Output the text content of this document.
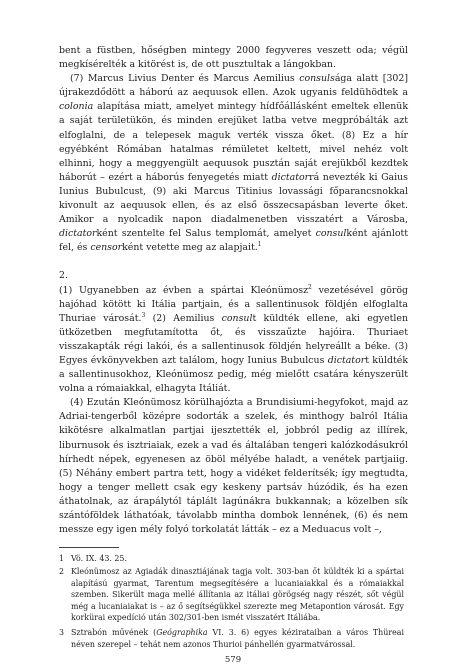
bent a füstben, hőségben mintegy 2000 fegyveres veszett oda; végül megkísérelték a kitörést is, de ott pusztultak a lángokban.

(7) Marcus Livius Denter és Marcus Aemilius consulsága alatt [302] újrakezdődött a háború az aequusok ellen. Azok ugyanis feldühödtek a colonia alapítása miatt, amelyet mintegy hídfőállásként emeltek ellenük a saját területükön, és minden erejüket latba vetve megpróbálták azt elfoglalni, de a telepesek maguk verték vissza őket. (8) Ez a hír egyébként Rómában hatalmas rémületet keltett, mivel nehéz volt elhinni, hogy a meggyengült aequusok pusztán saját erejükből kezdtek háborút – ezért a háborús fenyegetés miatt dictatorrá nevezték ki Gaius Iunius Bubulcust, (9) aki Marcus Titinius lovassági főparancsnokkal kivonult az aequusok ellen, és az első összecsapásban leverte őket. Amikor a nyolcadik napon diadalmenetben visszatért a Városba, dictatorként szentelte fel Salus templomát, amelyet consulként ajánlott fel, és censorként vetette meg az alapjait.$^1$

2.

(1) Ugyanebben az évben a spártai Kleónümosz$^2$ vezetésével görög hajóhad kötött ki Itália partjain, és a sallentinusok földjén elfoglalta Thuriae városát.$^3$ (2) Aemilius consult küldték ellene, aki egyetlen ütközetben megfutamította őt, és visszaűzte hajóira. Thuriaet visszakapták régi lakói, és a sallentinusok földjén helyreállt a béke. (3) Egyes évkönyvekben azt találom, hogy Iunius Bubulcus dictatort küldték a sallentinusokhoz, Kleónümosz pedig, még mielőtt csatára kényszerült volna a rómaiakkal, elhagyta Itáliát.

(4) Ezután Kleónümosz körülhajózta a Brundisiumi-hegyfokot, majd az Adriai-tengerből középre sodorták a szelek, és minthogy balról Itália kikötésre alkalmatlan partjai ijesztették el, jobbról pedig az illírek, liburnusok és isztriaiak, ezek a vad és általában tengeri kalózkodásukról hírhedt népek, egyenesen az öböl mélyébe haladt, a venétek partjaiig. (5) Néhány embert partra tett, hogy a vidéket felderítsék; így megtudta, hogy a tenger mellett csak egy keskeny partsáv húzódik, és ha ezen áthatolnak, az árapálytól táplált lagúnákra bukkannak; a közelben sík szántóföldek láthatóak, távolabb mintha dombok lennének, (6) és nem messze egy igen mély folyó torkolatát látták – ez a Meduacus volt –,

1 Vö. IX. 43. 25.

2 Kleónümosz az Agiadák dinasztiájának tagja volt. 303-ban őt küldték ki a spártai alapítású gyarmat, Tarentum megsegítésére a lucaniaiakkal és a rómaiakkal szemben. Sikerült maga mellé állítania az itáliai görögség nagy részét, sőt végül még a lucaniaiakat is – az ő segítségükkel szerezte meg Metapontion városát. Egy korkürai expedíció után 302/301-ben ismét visszatért Itáliába.

3 Sztrabón művének (Geógraphika VI. 3. 6) egyes kézirataiban a város Thüreai néven szerepel – tehát nem azonos Thurioi pánhellén gyarmatvárossal.

579
